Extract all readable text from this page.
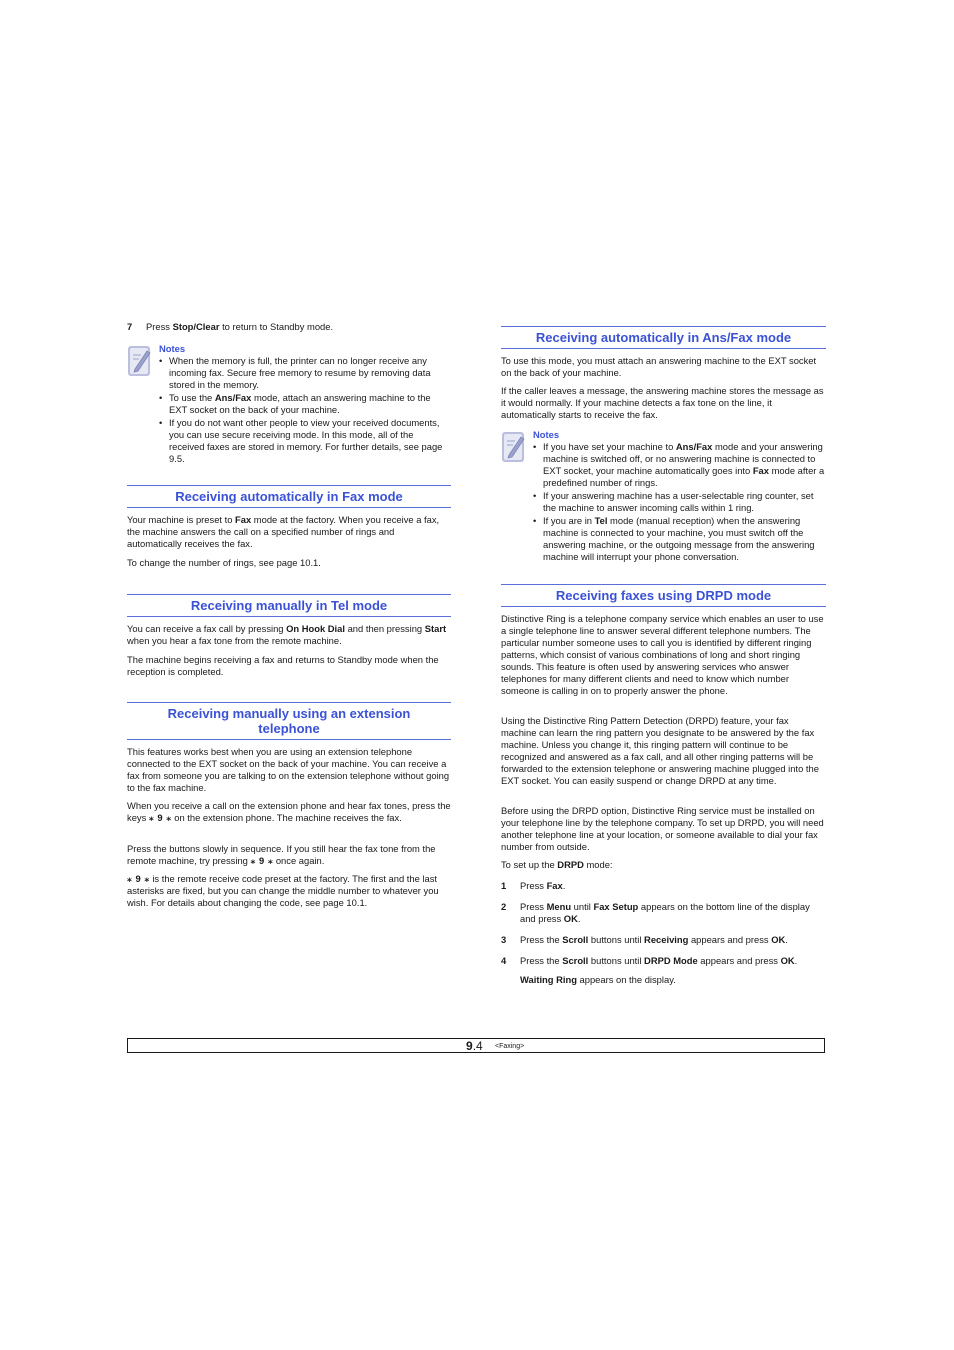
7	Press Stop/Clear to return to Standby mode.
Notes
• When the memory is full, the printer can no longer receive any incoming fax. Secure free memory to resume by removing data stored in the memory.
• To use the Ans/Fax mode, attach an answering machine to the EXT socket on the back of your machine.
• If you do not want other people to view your received documents, you can use secure receiving mode. In this mode, all of the received faxes are stored in memory. For further details, see page 9.5.
Receiving automatically in Fax mode

Your machine is preset to Fax mode at the factory. When you receive a fax, the machine answers the call on a specified number of rings and automatically receives the fax.

To change the number of rings, see page 10.1.

Receiving manually in Tel mode

You can receive a fax call by pressing On Hook Dial and then pressing Start when you hear a fax tone from the remote machine.

The machine begins receiving a fax and returns to Standby mode when the reception is completed.

Receiving manually using an extension telephone

This features works best when you are using an extension telephone connected to the EXT socket on the back of your machine. You can receive a fax from someone you are talking to on the extension telephone without going to the fax machine.

When you receive a call on the extension phone and hear fax tones, press the keys ⁎ 9 ⁎ on the extension phone. The machine receives the fax.

Press the buttons slowly in sequence. If you still hear the fax tone from the remote machine, try pressing ⁎ 9 ⁎ once again.

⁎ 9 ⁎ is the remote receive code preset at the factory. The first and the last asterisks are fixed, but you can change the middle number to whatever you wish. For details about changing the code, see page 10.1.

Receiving automatically in Ans/Fax mode

To use this mode, you must attach an answering machine to the EXT socket on the back of your machine.

If the caller leaves a message, the answering machine stores the message as it would normally. If your machine detects a fax tone on the line, it automatically starts to receive the fax.

Notes
• If you have set your machine to Ans/Fax mode and your answering machine is switched off, or no answering machine is connected to EXT socket, your machine automatically goes into Fax mode after a predefined number of rings.
• If your answering machine has a user-selectable ring counter, set the machine to answer incoming calls within 1 ring.
• If you are in Tel mode (manual reception) when the answering machine is connected to your machine, you must switch off the answering machine, or the outgoing message from the answering machine will interrupt your phone conversation.
Receiving faxes using DRPD mode

Distinctive Ring is a telephone company service which enables an user to use a single telephone line to answer several different telephone numbers. The particular number someone uses to call you is identified by different ringing patterns, which consist of various combinations of long and short ringing sounds. This feature is often used by answering services who answer telephones for many different clients and need to know which number someone is calling in on to properly answer the phone.

Using the Distinctive Ring Pattern Detection (DRPD) feature, your fax machine can learn the ring pattern you designate to be answered by the fax machine. Unless you change it, this ringing pattern will continue to be recognized and answered as a fax call, and all other ringing patterns will be forwarded to the extension telephone or answering machine plugged into the EXT socket. You can easily suspend or change DRPD at any time.

Before using the DRPD option, Distinctive Ring service must be installed on your telephone line by the telephone company. To set up DRPD, you will need another telephone line at your location, or someone available to dial your fax number from outside.

To set up the DRPD mode:

1	Press Fax.
2	Press Menu until Fax Setup appears on the bottom line of the display and press OK.
3	Press the Scroll buttons until Receiving appears and press OK.
4	Press the Scroll buttons until DRPD Mode appears and press OK.

Waiting Ring appears on the display.

9.4 <Faxing>
